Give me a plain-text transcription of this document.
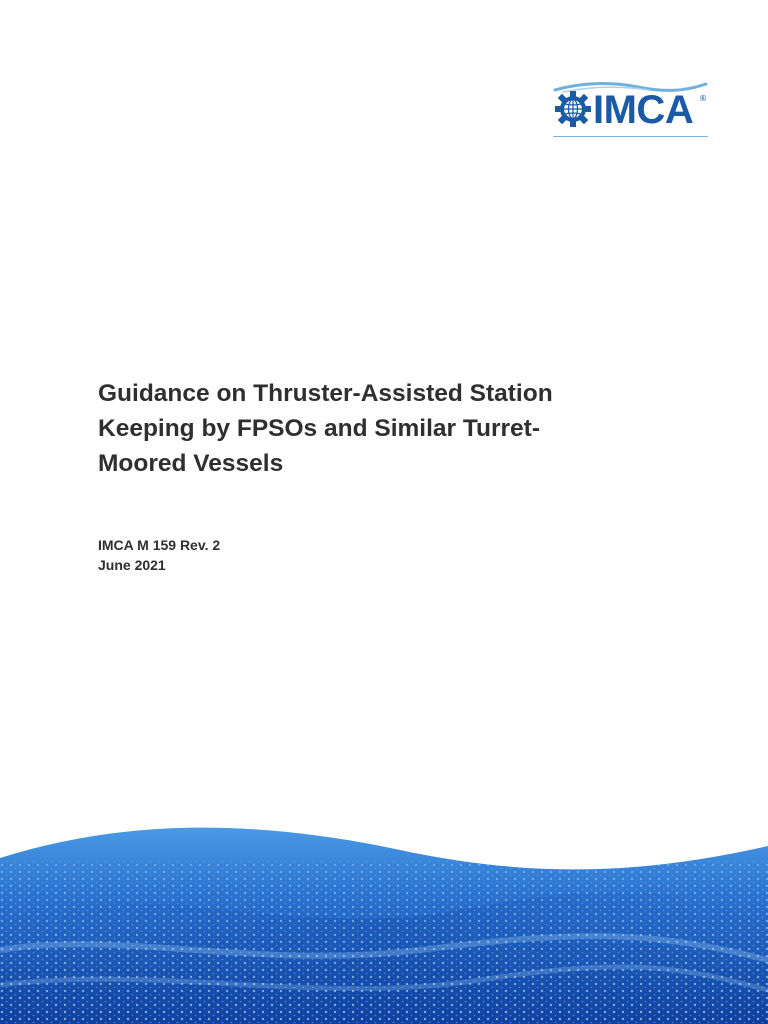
IMCA ®
Guidance on Thruster-Assisted Station
Keeping by FPSOs and Similar Turret-
Moored Vessels
IMCA M 159 Rev. 2
June 2021
